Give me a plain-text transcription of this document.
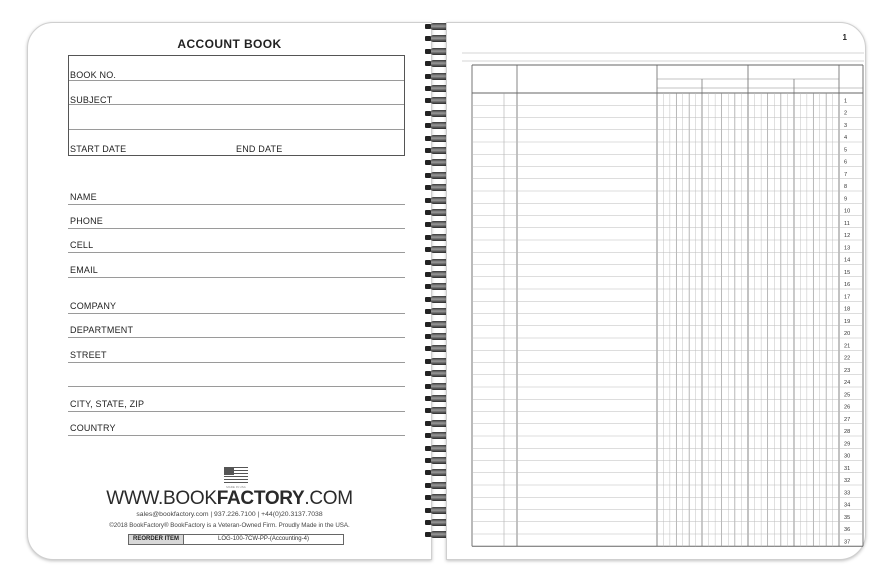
ACCOUNT BOOK
BOOK NO.
SUBJECT
START DATE	END DATE
NAME
PHONE
CELL
EMAIL
COMPANY
DEPARTMENT
STREET
CITY, STATE, ZIP
COUNTRY
MADE IN USA
WWW.BOOKFACTORY.COM
sales@bookfactory.com | 937.226.7100 | +44(0)20.3137.7038
©2018 BookFactory® BookFactory is a Veteran-Owned Firm. Proudly Made in the USA.
REORDER ITEM	LOG-100-7CW-PP-(Accounting-4)
1
1
2
3
4
5
6
7
8
9
10
11
12
13
14
15
16
17
18
19
20
21
22
23
24
25
26
27
28
29
30
31
32
33
34
35
36
37
